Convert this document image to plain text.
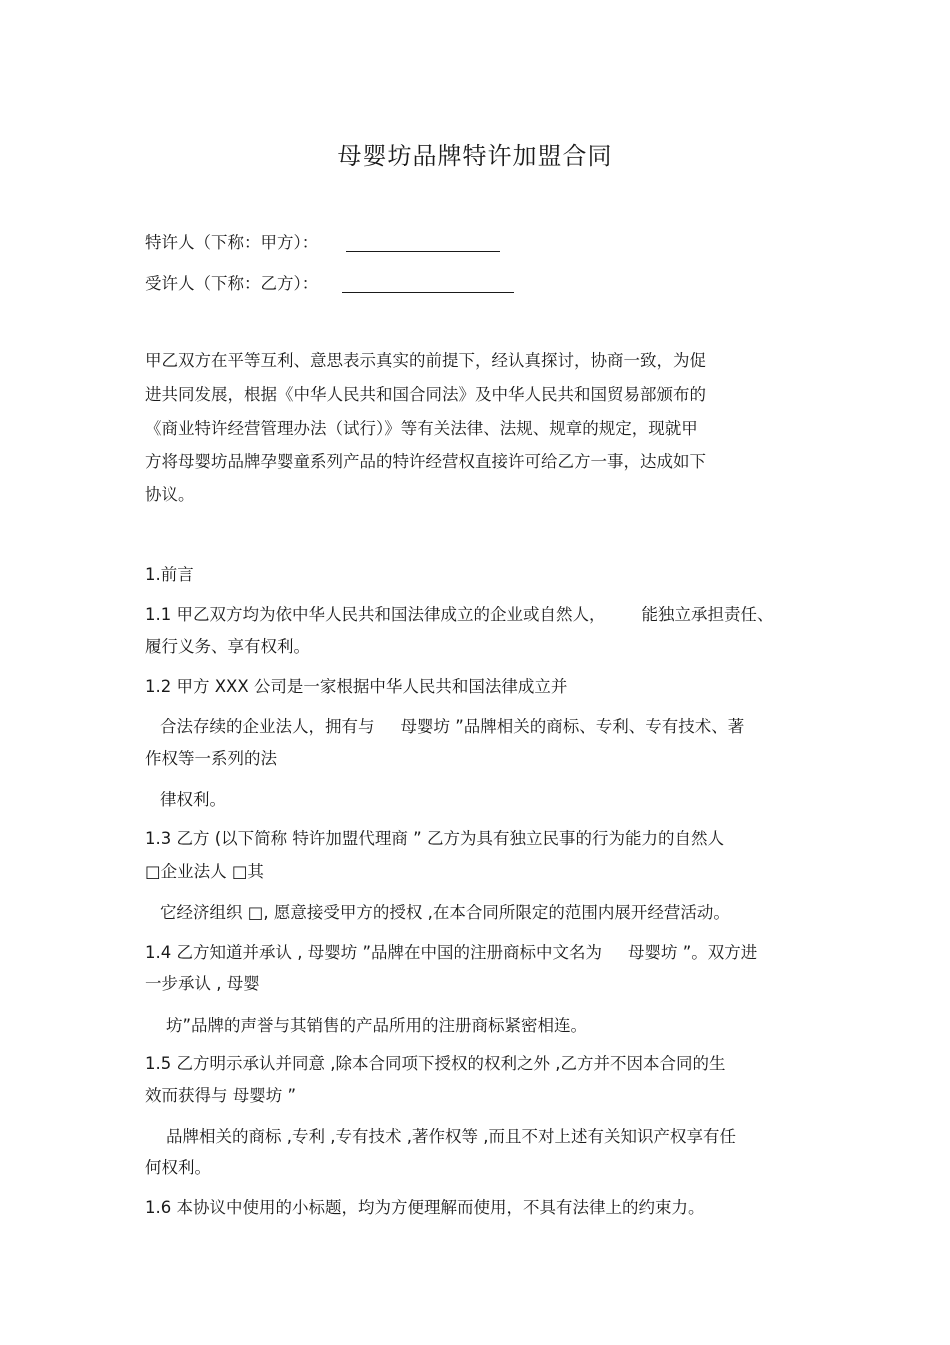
母婴坊品牌特许加盟合同
特许人（下称：甲方）：
受许人（下称：乙方）：
甲乙双方在平等互利、意思表示真实的前提下，经认真探讨，协商一致，为促
进共同发展，根据《中华人民共和国合同法》及中华人民共和国贸易部颁布的
《商业特许经营管理办法（试行）》等有关法律、法规、规章的规定，现就甲
方将母婴坊品牌孕婴童系列产品的特许经营权直接许可给乙方一事，达成如下
协议。
1.前言
1.1 甲乙双方均为依中华人民共和国法律成立的企业或自然人， 能独立承担责任、
履行义务、享有权利。
1.2 甲方 XXX 公司是一家根据中华人民共和国法律成立并
合法存续的企业法人，拥有与 母婴坊 ”品牌相关的商标、专利、专有技术、著
作权等一系列的法
律权利。
1.3 乙方 (以下简称 特许加盟代理商 ” 乙方为具有独立民事的行为能力的自然人
□企业法人 □其
它经济组织 □, 愿意接受甲方的授权 ,在本合同所限定的范围内展开经营活动。
1.4 乙方知道并承认 , 母婴坊 ”品牌在中国的注册商标中文名为 母婴坊 ”。双方进
一步承认 , 母婴
坊”品牌的声誉与其销售的产品所用的注册商标紧密相连。
1.5 乙方明示承认并同意 ,除本合同项下授权的权利之外 ,乙方并不因本合同的生
效而获得与 母婴坊 ”
品牌相关的商标 ,专利 ,专有技术 ,著作权等 ,而且不对上述有关知识产权享有任
何权利。
1.6 本协议中使用的小标题，均为方便理解而使用，不具有法律上的约束力。
